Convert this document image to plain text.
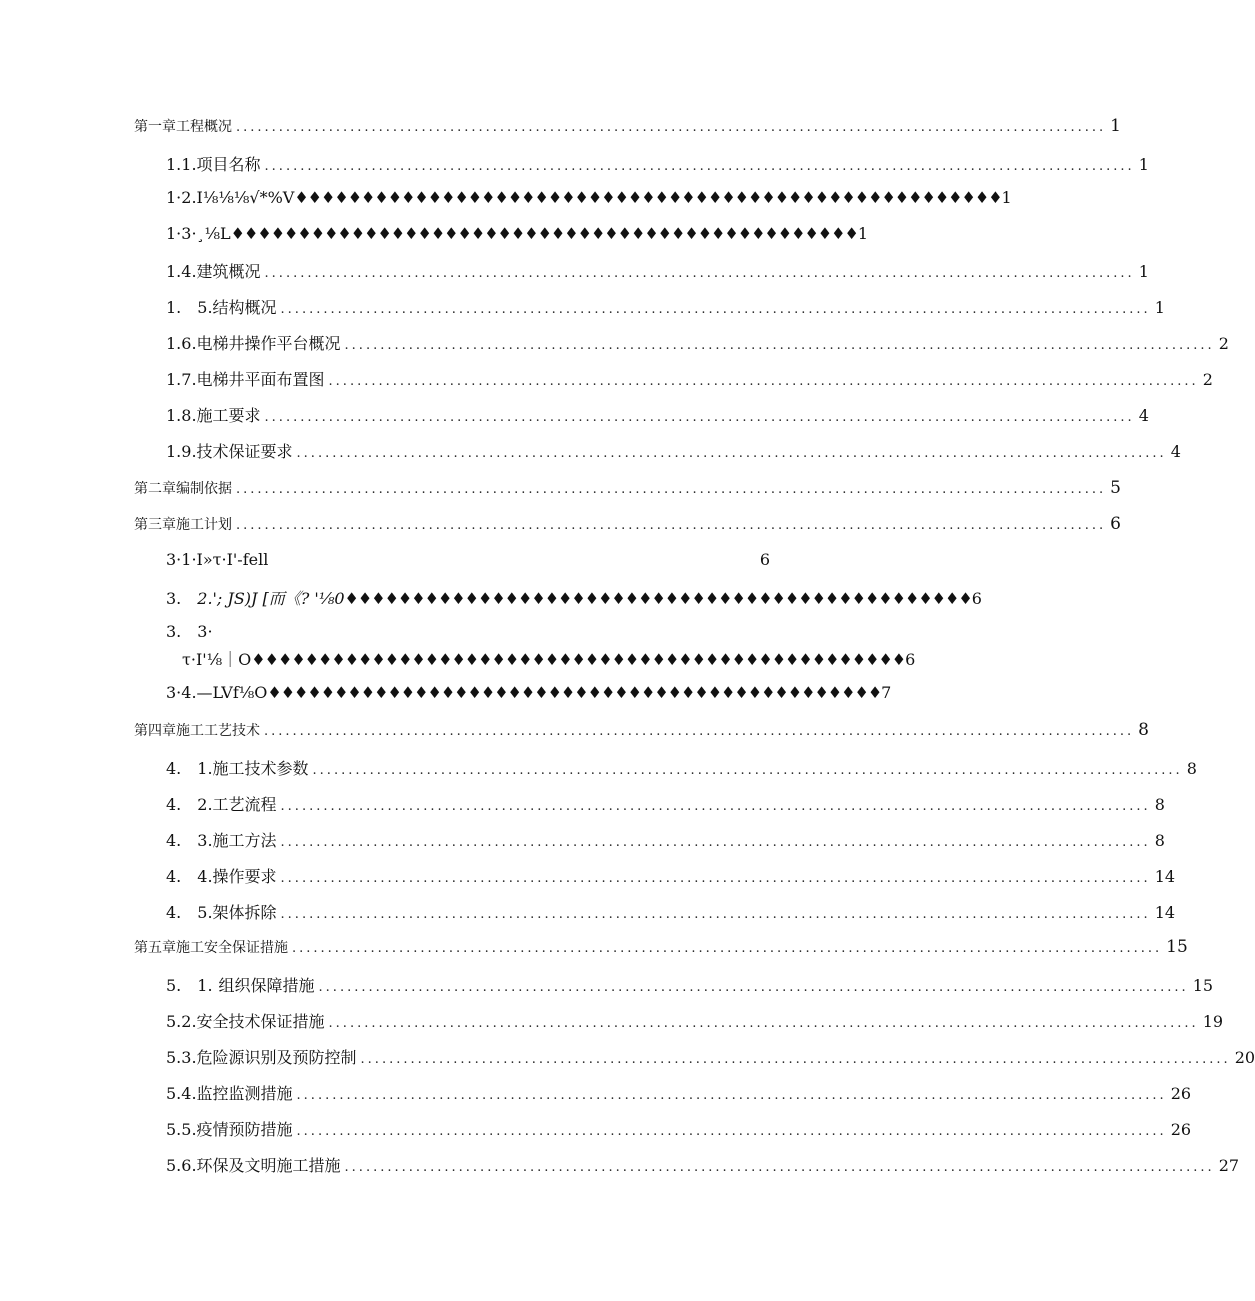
第一章工程概况 .......................................................................................................................... 1
1.1. 项目名称 .......................................................................................................................... 1
1·2.I⅛⅛⅛√*%V ♦♦♦♦♦♦♦♦♦♦♦♦♦♦♦♦♦♦♦♦♦♦♦♦♦♦♦♦♦♦♦♦♦♦♦♦♦♦♦♦♦♦♦♦♦♦♦♦♦♦♦♦♦ 1
1·3·¸⅛L ♦♦♦♦♦♦♦♦♦♦♦♦♦♦♦♦♦♦♦♦♦♦♦♦♦♦♦♦♦♦♦♦♦♦♦♦♦♦♦♦♦♦♦♦♦♦♦ 1
1.4. 建筑概况 .......................................................................................................................... 1
1. 5. 结构概况 .......................................................................................................................... 1
1.6. 电梯井操作平台概况 .......................................................................................................................... 2
1.7. 电梯井平面布置图 .......................................................................................................................... 2
1.8. 施工要求 .......................................................................................................................... 4
1.9. 技术保证要求 .......................................................................................................................... 4
第二章编制依据 .......................................................................................................................... 5
第三章施工计划 .......................................................................................................................... 6
3·1·I»τ·I'-fell	6
3. 2.'; JS)J [而《? '⅛0 ♦♦♦♦♦♦♦♦♦♦♦♦♦♦♦♦♦♦♦♦♦♦♦♦♦♦♦♦♦♦♦♦♦♦♦♦♦♦♦♦♦♦♦♦♦♦♦ 6
3. 3·
τ·I'⅛｜O ♦♦♦♦♦♦♦♦♦♦♦♦♦♦♦♦♦♦♦♦♦♦♦♦♦♦♦♦♦♦♦♦♦♦♦♦♦♦♦♦♦♦♦♦♦♦♦♦♦ 6
3·4. —LVf⅛O ♦♦♦♦♦♦♦♦♦♦♦♦♦♦♦♦♦♦♦♦♦♦♦♦♦♦♦♦♦♦♦♦♦♦♦♦♦♦♦♦♦♦♦♦♦♦ 7
第四章施工工艺技术 .......................................................................................................................... 8
4. 1. 施工技术参数 .......................................................................................................................... 8
4. 2. 工艺流程 .......................................................................................................................... 8
4. 3. 施工方法 .......................................................................................................................... 8
4. 4. 操作要求 .......................................................................................................................... 14
4. 5. 架体拆除 .......................................................................................................................... 14
第五章施工安全保证措施 .......................................................................................................................... 15
5. 1. 组织保障措施 .......................................................................................................................... 15
5.2. 安全技术保证措施 .......................................................................................................................... 19
5.3. 危险源识别及预防控制 .......................................................................................................................... 20
5.4. 监控监测措施 .......................................................................................................................... 26
5.5. 疫情预防措施 .......................................................................................................................... 26
5.6. 环保及文明施工措施 .......................................................................................................................... 27
